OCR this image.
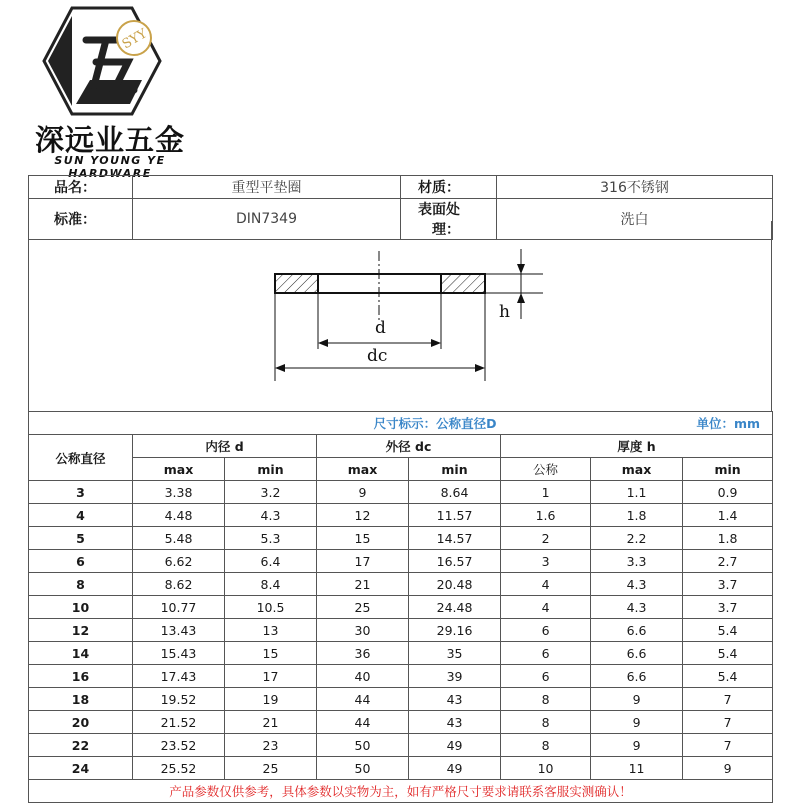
SYY
深远业五金
SUN YOUNG YE HARDWARE
品名：	重型平垫圈	材质：	316不锈钢
标准：	DIN7349	表面处理：	洗白
d
dc
h
尺寸标示：公称直径D					单位：mm		
公称直径	内径 d		外径 dc		厚度 h		
	max	min	max	min	公称	max	min
3	3.38	3.2	9	8.64	1	1.1	0.9
4	4.48	4.3	12	11.57	1.6	1.8	1.4
5	5.48	5.3	15	14.57	2	2.2	1.8
6	6.62	6.4	17	16.57	3	3.3	2.7
8	8.62	8.4	21	20.48	4	4.3	3.7
10	10.77	10.5	25	24.48	4	4.3	3.7
12	13.43	13	30	29.16	6	6.6	5.4
14	15.43	15	36	35	6	6.6	5.4
16	17.43	17	40	39	6	6.6	5.4
18	19.52	19	44	43	8	9	7
20	21.52	21	44	43	8	9	7
22	23.52	23	50	49	8	9	7
24	25.52	25	50	49	10	11	9
产品参数仅供参考，具体参数以实物为主，如有严格尺寸要求请联系客服实测确认！							
